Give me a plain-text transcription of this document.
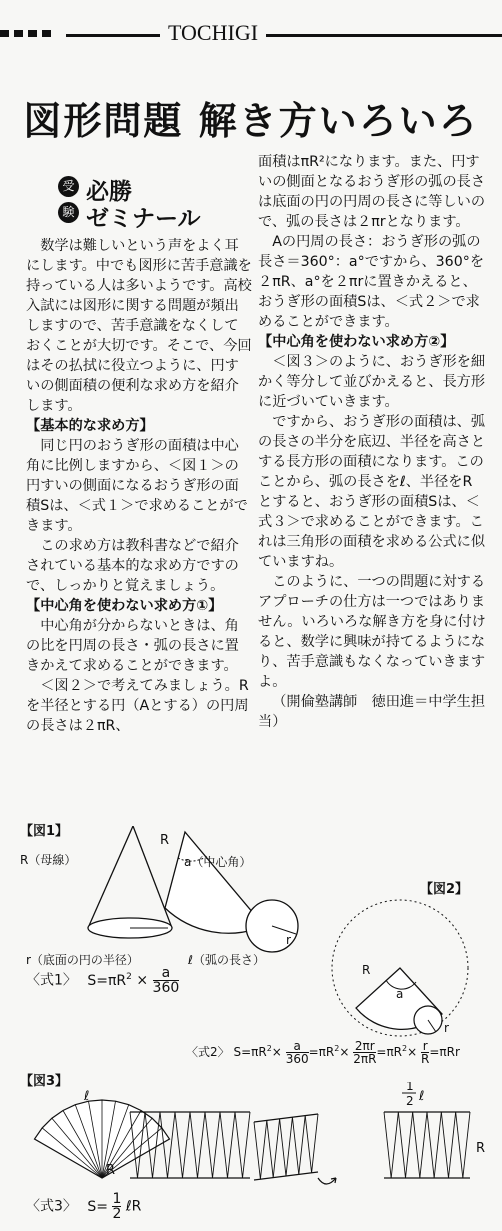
TOCHIGI
図形問題 解き方いろいろ
受
験
必勝
ゼミナール

数学は難しいという声をよく耳にします。中でも図形に苦手意識を持っている人は多いようです。高校入試には図形に関する問題が頻出しますので、苦手意識をなくしておくことが大切です。そこで、今回はその払拭に役立つように、円すいの側面積の便利な求め方を紹介します。

【基本的な求め方】

同じ円のおうぎ形の面積は中心角に比例しますから、＜図１＞の円すいの側面になるおうぎ形の面積Sは、＜式１＞で求めることができます。

この求め方は教科書などで紹介されている基本的な求め方ですので、しっかりと覚えましょう。

【中心角を使わない求め方①】

中心角が分からないときは、角の比を円周の長さ・弧の長さに置きかえて求めることができます。

＜図２＞で考えてみましょう。Rを半径とする円（Aとする）の円周の長さは２πR、

面積はπR²になります。また、円すいの側面となるおうぎ形の弧の長さは底面の円の円周の長さに等しいので、弧の長さは２πrとなります。

Aの円周の長さ：おうぎ形の弧の長さ＝360°：a°ですから、360°を２πR、a°を２πrに置きかえると、おうぎ形の面積Sは、＜式２＞で求めることができます。

【中心角を使わない求め方②】

＜図３＞のように、おうぎ形を細かく等分して並びかえると、長方形に近づいていきます。

ですから、おうぎ形の面積は、弧の長さの半分を底辺、半径を高さとする長方形の面積になります。このことから、弧の長さをℓ、半径をRとすると、おうぎ形の面積Sは、＜式３＞で求めることができます。これは三角形の面積を求める公式に似ていますね。

このように、一つの問題に対するアプローチの仕方は一つではありません。いろいろな解き方を身に付けると、数学に興味が持てるようになり、苦手意識もなくなっていきますよ。

（開倫塾講師　徳田進＝中学生担当）

【図1】
R（母線）
R
a（中心角）
r（底面の円の半径）	ℓ（弧の長さ）
r
〈式1〉 $S=\pi R^2 \times \frac{a}{360}$
【図2】
R
a
r
〈式2〉 $S=\pi R^2\times \frac{a}{360} =\pi R^2\times \frac{2\pi r}{2\pi R} =\pi R^2\times \frac{r}{R} =\pi Rr$
【図3】
ℓ
R
1
2 ℓ
R
〈式3〉 $S= \frac{1}{2}$ ℓR
